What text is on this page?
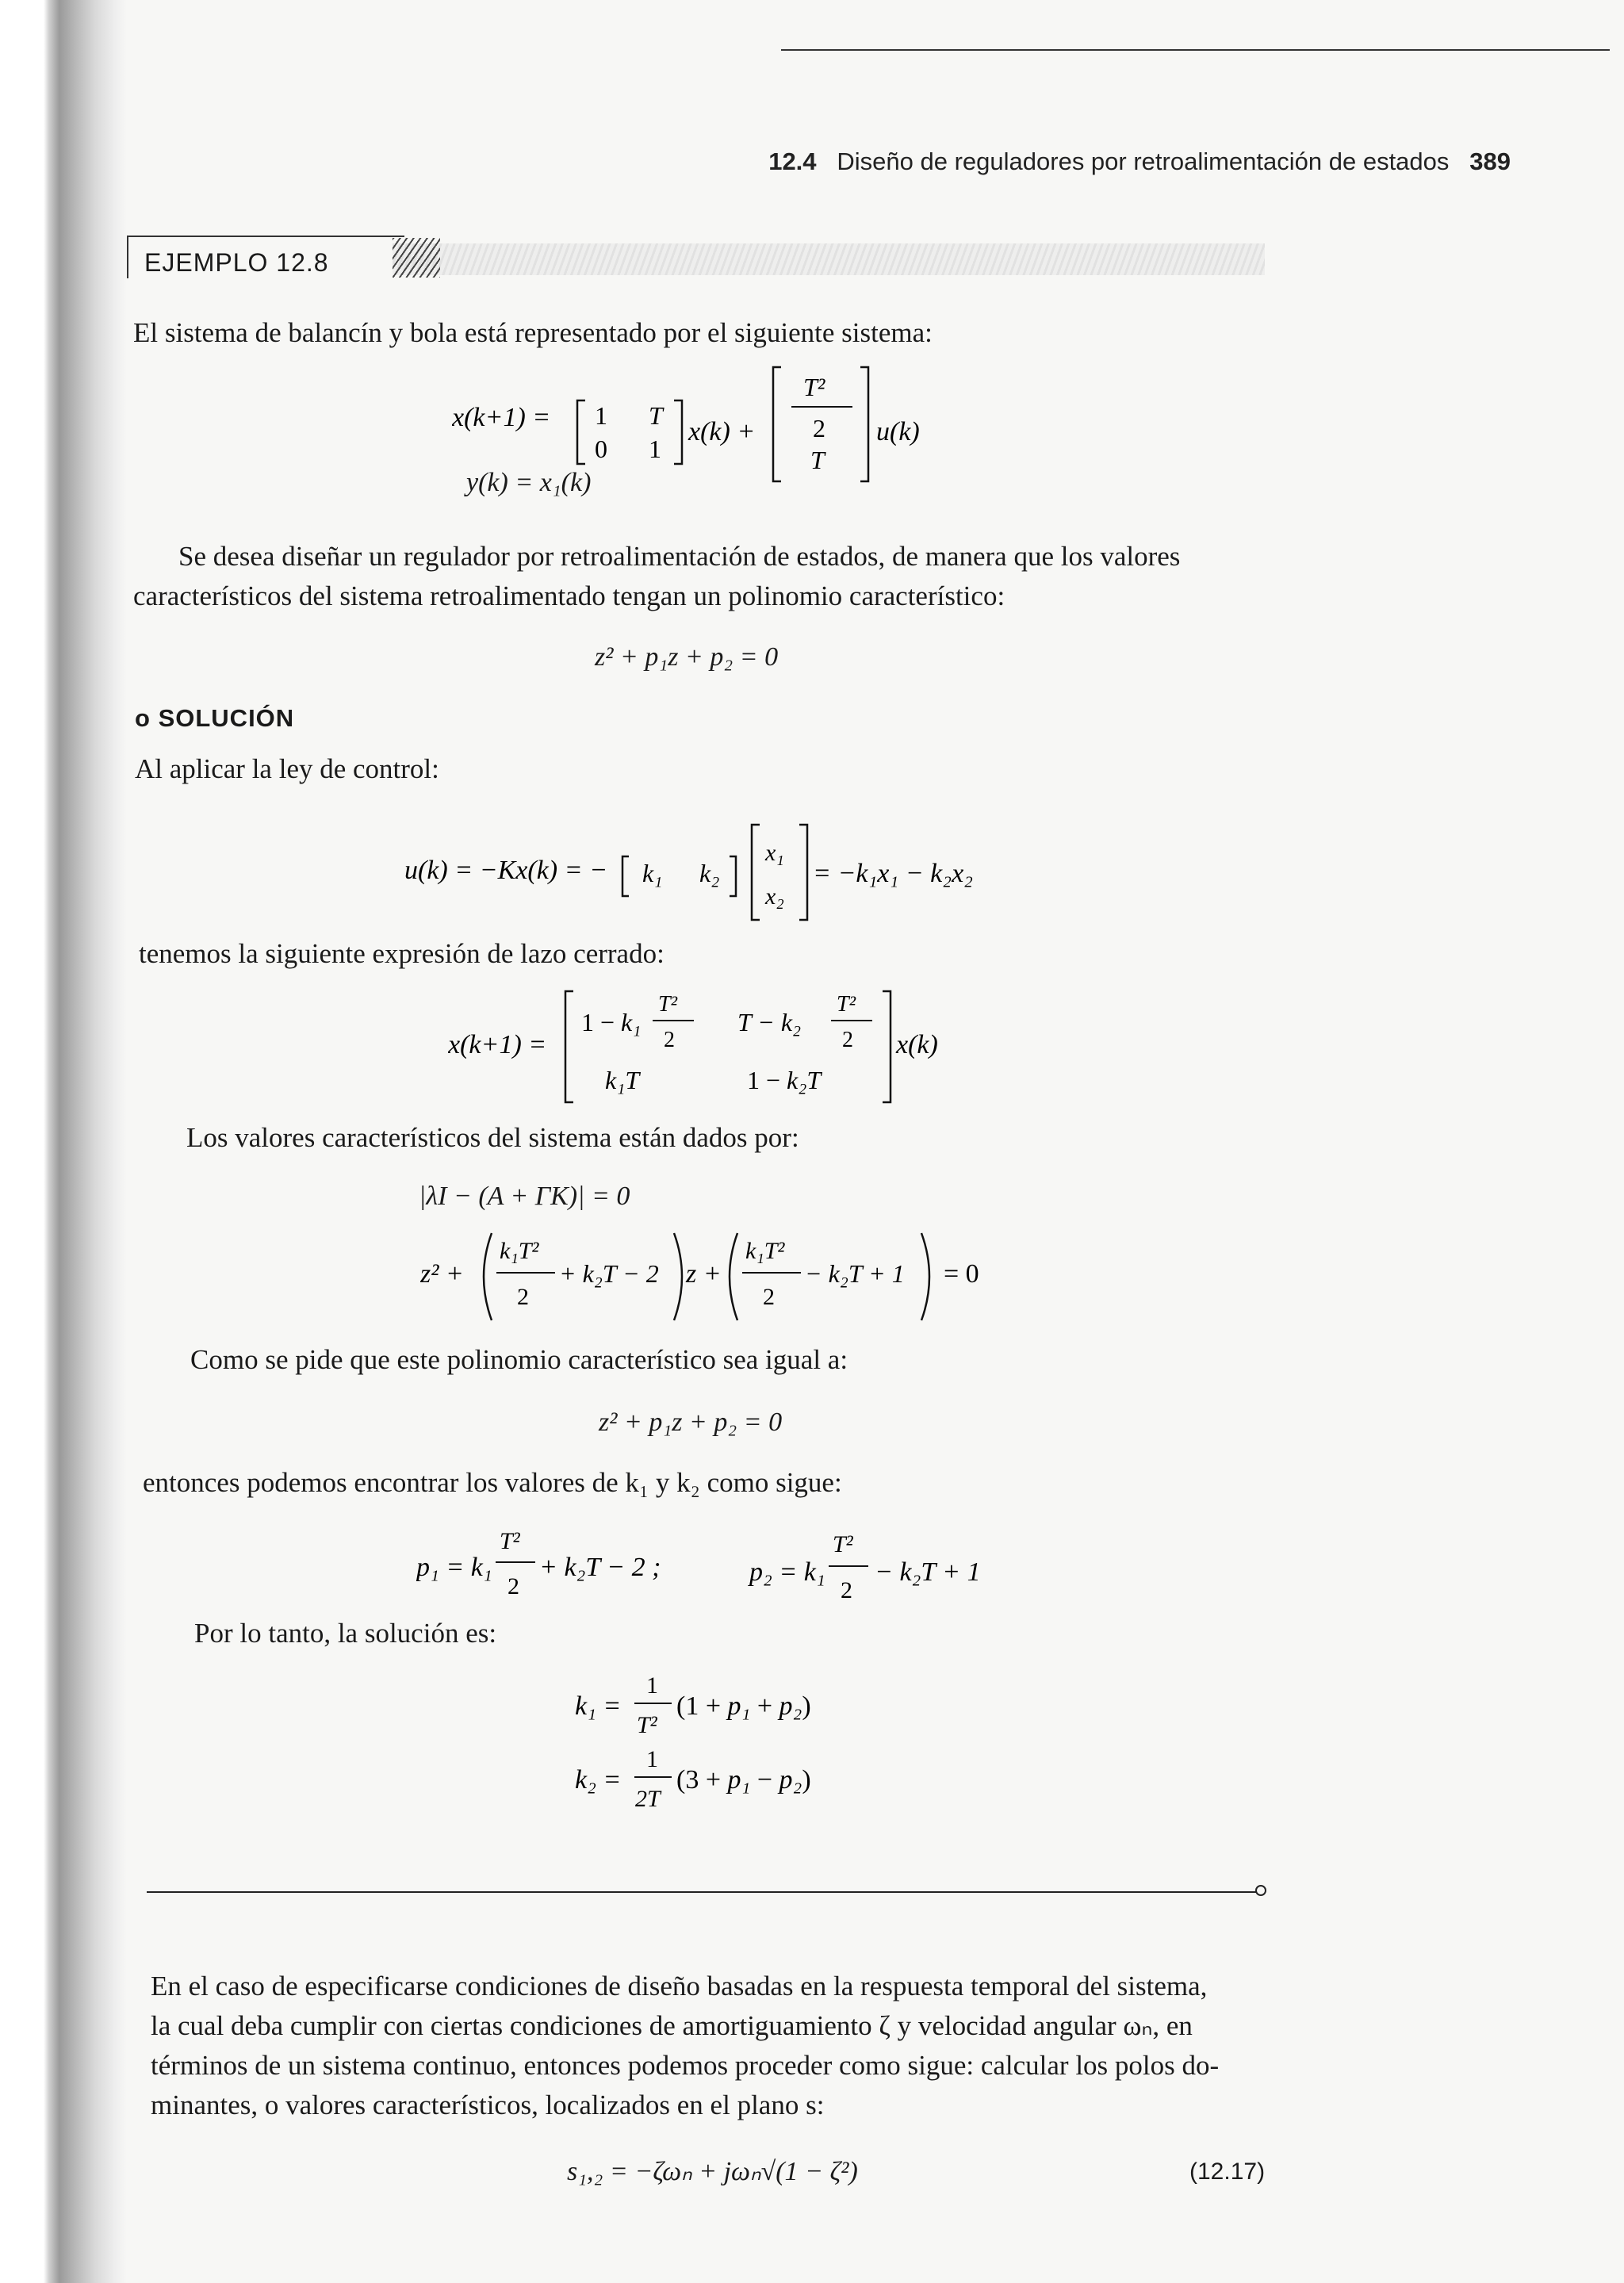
12.4 Diseño de reguladores por retroalimentación de estados 389
EJEMPLO 12.8
El sistema de balancín y bola está representado por el siguiente sistema:
x(k+1) = 1 T
0 1
x(k) +
T²
2
T
u(k)
y(k) = x₁(k)
Se desea diseñar un regulador por retroalimentación de estados, de manera que los valores
característicos del sistema retroalimentado tengan un polinomio característico:
z² + p₁z + p₂ = 0
o SOLUCIÓN
Al aplicar la ley de control:
u(k) = −Kx(k) = − k₁ k₂
x₁
x₂
= −k₁x₁ − k₂x₂
tenemos la siguiente expresión de lazo cerrado:
x(k+1) =
1 − k₁
T²
2
k₁T
T − k₂
T²
2
1 − k₂T
x(k)
Los valores característicos del sistema están dados por:
|λI − (A + ΓK)| = 0
z² +
k₁T²
2
+ k₂T − 2 z +
k₁T²
2
− k₂T + 1 = 0
Como se pide que este polinomio característico sea igual a:
z² + p₁z + p₂ = 0
entonces podemos encontrar los valores de k₁ y k₂ como sigue:
p₁ = k₁
T²
2
+ k₂T − 2 ;	p₂ = k₁
T²
2
− k₂T + 1
Por lo tanto, la solución es:
k₁ =
1
T²
(1 + p₁ + p₂)
k₂ =
1
2T
(3 + p₁ − p₂)
En el caso de especificarse condiciones de diseño basadas en la respuesta temporal del sistema,
la cual deba cumplir con ciertas condiciones de amortiguamiento ζ y velocidad angular ωₙ, en
términos de un sistema continuo, entonces podemos proceder como sigue: calcular los polos do-
minantes, o valores característicos, localizados en el plano s:
s₁,₂ = −ζωₙ + jωₙ√(1 − ζ²)	(12.17)
